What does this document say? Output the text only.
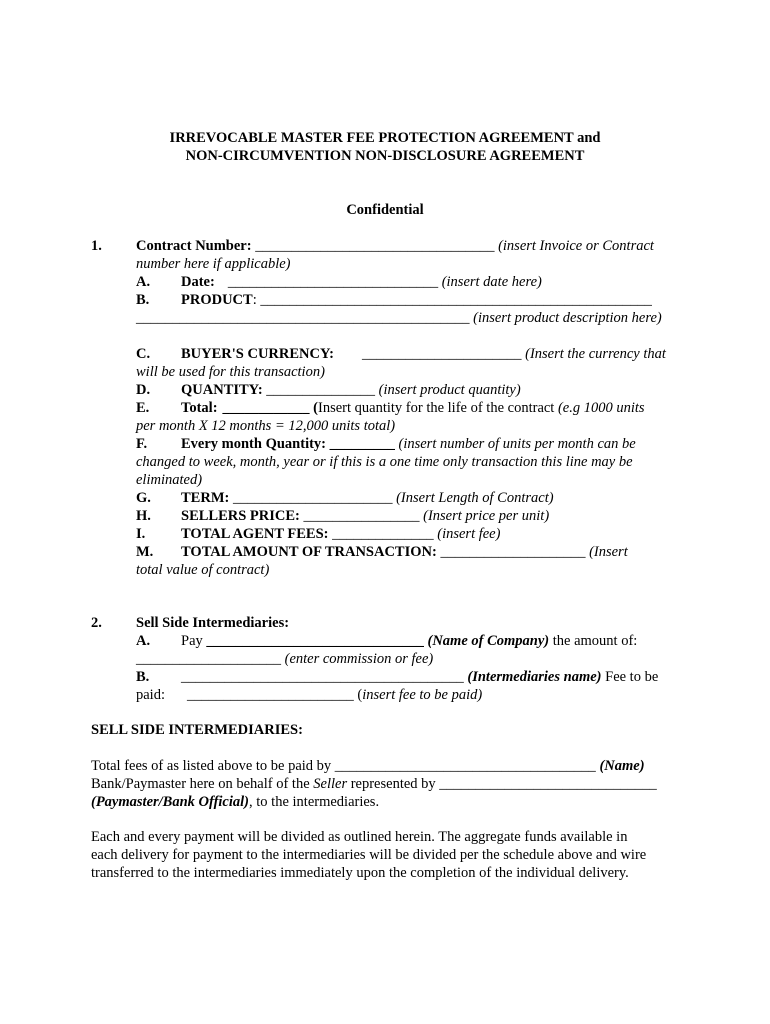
IRREVOCABLE MASTER FEE PROTECTION AGREEMENT and
NON-CIRCUMVENTION NON-DISCLOSURE AGREEMENT
Confidential
1. Contract Number: _________________________________ (insert Invoice or Contract
number here if applicable)
A. Date: _____________________________ (insert date here)
B. PRODUCT: ______________________________________________________
______________________________________________ (insert product description here)
C. BUYER'S CURRENCY: ______________________ (Insert the currency that
will be used for this transaction)
D. QUANTITY: _______________ (insert product quantity)
E. Total: ____________ (Insert quantity for the life of the contract (e.g 1000 units
per month X 12 months = 12,000 units total)
F. Every month Quantity: _________ (insert number of units per month can be
changed to week, month, year or if this is a one time only transaction this line may be
eliminated)
G. TERM: ______________________ (Insert Length of Contract)
H. SELLERS PRICE: ________________ (Insert price per unit)
I. TOTAL AGENT FEES: ______________ (insert fee)
M. TOTAL AMOUNT OF TRANSACTION: ____________________ (Insert
total value of contract)
2. Sell Side Intermediaries:
A. Pay ______________________________ (Name of Company) the amount of:
____________________ (enter commission or fee)
B. _______________________________________ (Intermediaries name) Fee to be
paid: _______________________ (insert fee to be paid)
SELL SIDE INTERMEDIARIES:
Total fees of as listed above to be paid by ____________________________________ (Name)
Bank/Paymaster here on behalf of the Seller represented by ______________________________
(Paymaster/Bank Official), to the intermediaries.
Each and every payment will be divided as outlined herein. The aggregate funds available in
each delivery for payment to the intermediaries will be divided per the schedule above and wire
transferred to the intermediaries immediately upon the completion of the individual delivery.
